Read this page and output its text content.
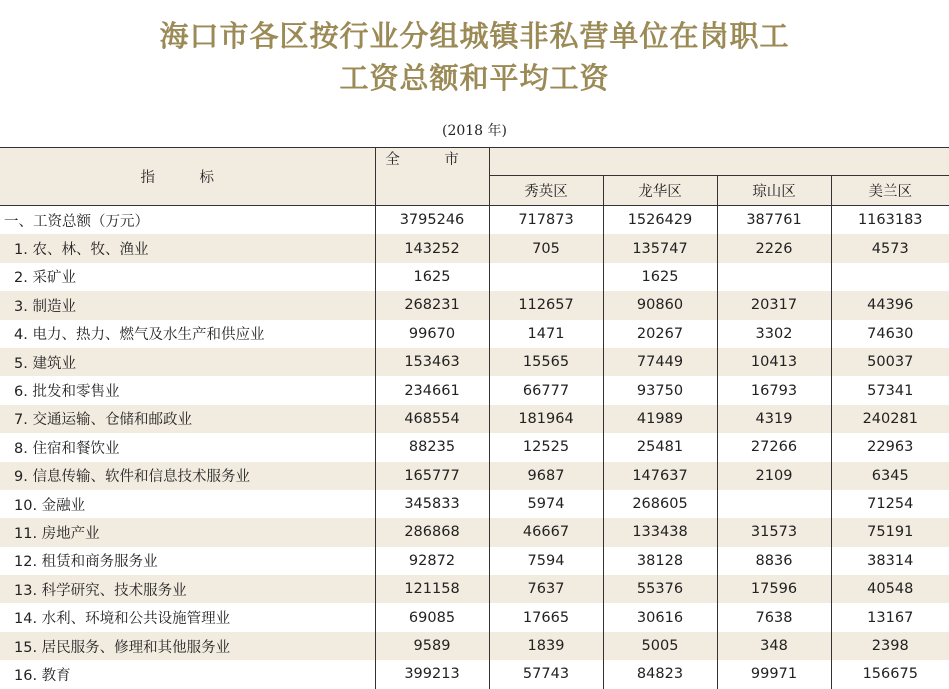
海口市各区按行业分组城镇非私营单位在岗职工
工资总额和平均工资
(2018 年)
指 标	全 市				
		秀英区	龙华区	琼山区	美兰区
一、工资总额（万元）	3795246	717873	1526429	387761	1163183
1. 农、林、牧、渔业	143252	705	135747	2226	4573
2. 采矿业	1625		1625		
3. 制造业	268231	112657	90860	20317	44396
4. 电力、热力、燃气及水生产和供应业	99670	1471	20267	3302	74630
5. 建筑业	153463	15565	77449	10413	50037
6. 批发和零售业	234661	66777	93750	16793	57341
7. 交通运输、仓储和邮政业	468554	181964	41989	4319	240281
8. 住宿和餐饮业	88235	12525	25481	27266	22963
9. 信息传输、软件和信息技术服务业	165777	9687	147637	2109	6345
10. 金融业	345833	5974	268605		71254
11. 房地产业	286868	46667	133438	31573	75191
12. 租赁和商务服务业	92872	7594	38128	8836	38314
13. 科学研究、技术服务业	121158	7637	55376	17596	40548
14. 水利、环境和公共设施管理业	69085	17665	30616	7638	13167
15. 居民服务、修理和其他服务业	9589	1839	5005	348	2398
16. 教育	399213	57743	84823	99971	156675
